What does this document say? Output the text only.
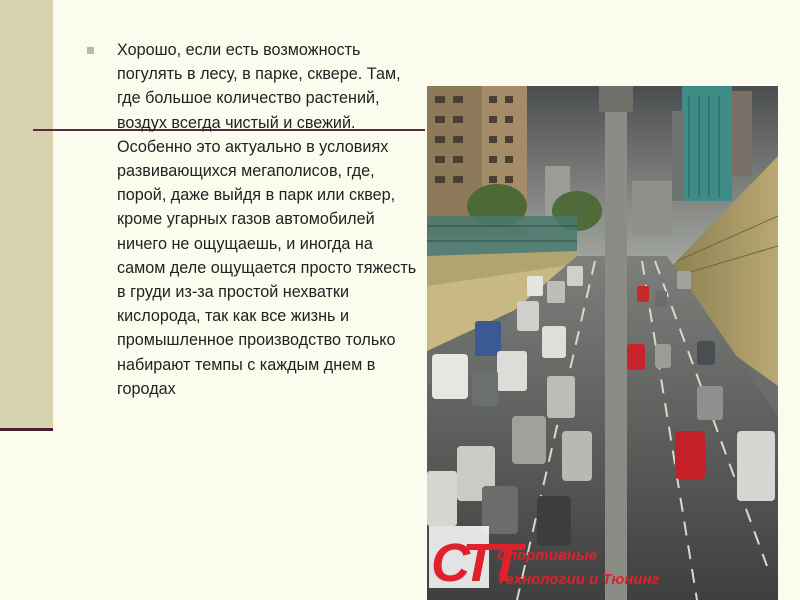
Хорошо, если есть возможность погулять в лесу, в парке, сквере. Там, где большое количество растений, воздух всегда чистый и свежий. Особенно это актуально в условиях развивающихся мегаполисов, где, порой, даже выйдя в парк или сквер, кроме угарных газов автомобилей ничего не ощущаешь, и иногда на самом деле ощущается просто тяжесть в груди из-за простой нехватки кислорода, так как все жизнь и промышленное производство только набирают темпы с каждым днем в городах
СТТ
Спортивные
Технологии и Тюнинг
